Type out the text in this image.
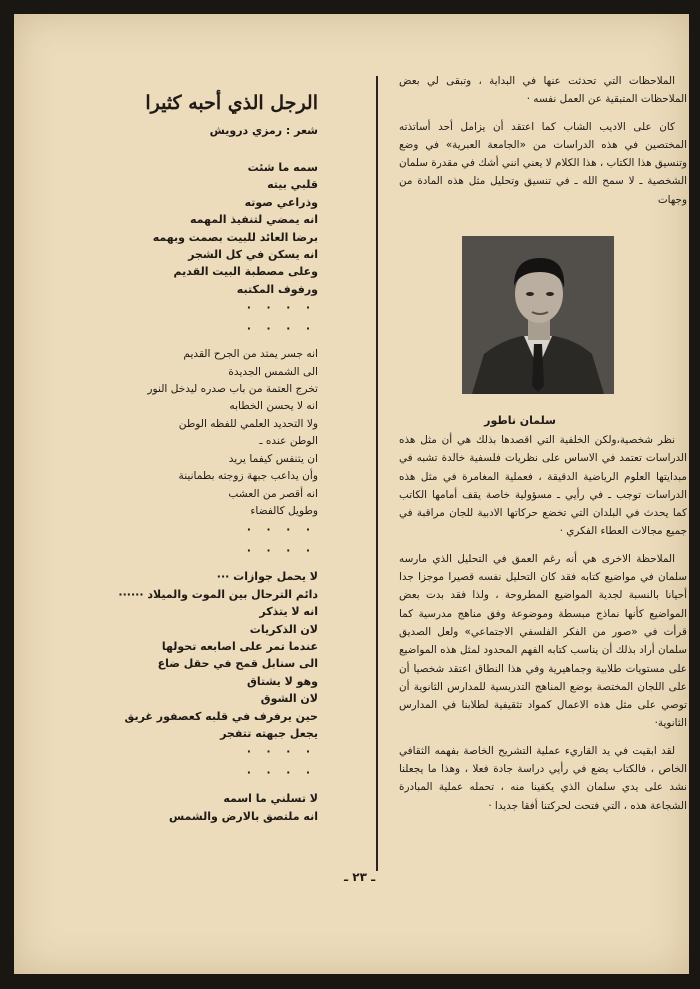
الملاحظات التي تحدثت عنها في البداية ، وتبقى لي بعض الملاحظات المتبقية عن العمل نفسه ·

كان على الاديب الشاب كما اعتقد أن يزامل أحد أساتذته المختصين في هذه الدراسات من «الجامعة العبرية» في وضع وتنسيق هذا الكتاب ، هذا الكلام لا يعني انني أشك في مقدرة سلمان الشخصية ـ لا سمح الله ـ في تنسيق وتحليل مثل هذه المادة من وجهات

سلمان ناطور

نظر شخصية،ولكن الخلفية التي اقصدها بذلك هي أن مثل هذه الدراسات تعتمد في الاساس على نظريات فلسفية خالدة تشبه في مبدايتها العلوم الرياضية الدقيقة ، فعملية المغامرة في مثل هذه الدراسات توجب ـ في رأيي ـ مسؤولية خاصة يقف أمامها الكاتب كما يحدث في البلدان التي تخضع حركاتها الادبية للجان مراقبة في جميع مجالات العطاء الفكري ·

الملاحظة الاخرى هي أنه رغم العمق في التحليل الذي مارسه سلمان في مواضيع كتابه فقد كان التحليل نفسه قصيرا موجزا جدا أحيانا بالنسبة لجدية المواضيع المطروحة ، ولذا فقد بدت بعض المواضيع كأنها نماذج مبسطة وموضوعة وفق مناهج مدرسية كما قرأت في «صور من الفكر الفلسفي الاجتماعي» ولعل الصديق سلمان أراد بذلك أن يناسب كتابه الفهم المحدود لمثل هذه المواضيع على مستويات طلابية وجماهيرية وفي هذا النطاق اعتقد شخصيا أن على اللجان المختصة بوضع المناهج التدريسية للمدارس الثانوية أن توصي على مثل هذه الاعمال كمواد تثقيفية لطلابنا في المدارس الثانوية·

لقد ابقيت في يد القاريء عملية التشريح الخاصة بفهمه الثقافي الخاص ، فالكتاب يضع في رأيي دراسة جادة فعلا ، وهذا ما يجعلنا نشد على يدي سلمان الذي يكفينا منه ، تحمله عملية المبادرة الشجاعة هذه ، التي فتحت لحركتنا أفقا جديدا ·

الرجل الذي أحبه كثيرا
شعر : رمزي درويش
سمه ما شئت
قلبي بيته
وذراعي صوته
انه يمضي لتنفيذ المهمه
برضا العائد للبيت بصمت وبهمه
انه يسكن في كل الشجر
وعلى مصطبة البيت القديم
ورفوف المكتبه
· · · ·
· · · ·
انه جسر يمتد من الجرح القديم
الى الشمس الجديدة
تخرج العتمة من باب صدره ليدخل النور
انه لا يحسن الخطابه
ولا التحديد العلمي للفظه الوطن
الوطن عنده ـ
ان يتنفس كيفما يريد
وأن يداعب جبهة زوجته بطمانينة
انه أقصر من العشب
وطويل كالفضاء
· · · ·
· · · ·
لا يحمل جوازات ···
دائم الترحال بين الموت والميلاد ······
انه لا يتذكر
لان الذكريات
عندما تمر على اصابعه تحولها
الى سنابل قمح في حقل ضاع
وهو لا يشتاق
لان الشوق
حين يرفرف في قلبه كعصفور غريق
يجعل جبهته تتفجر
· · · ·
· · · ·
لا تسلني ما اسمه
انه ملتصق بالارض والشمس
ـ ٢٣ ـ
